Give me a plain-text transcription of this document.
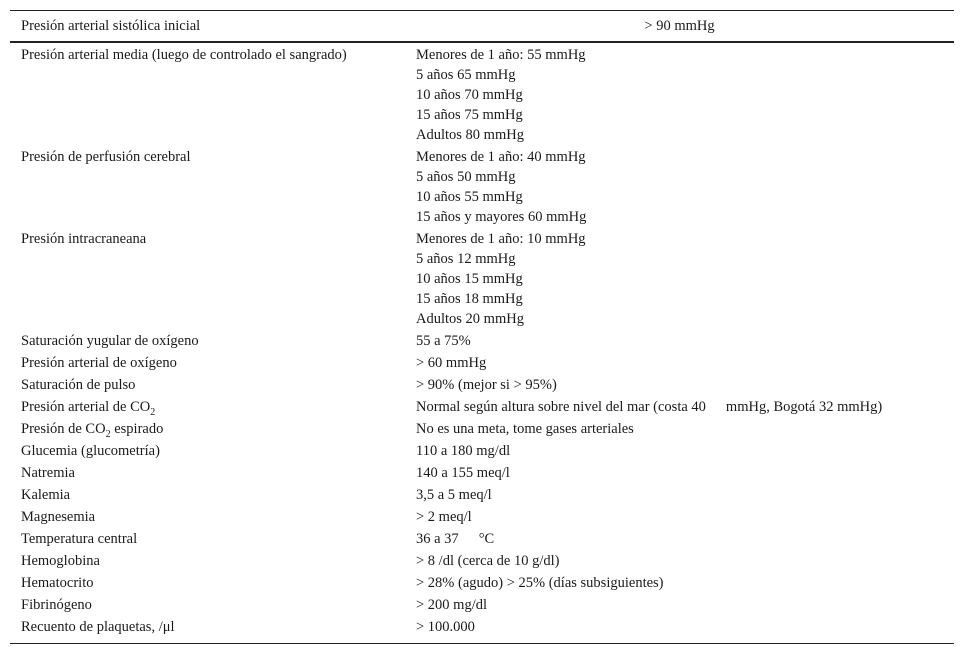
Presión arterial sistólica inicial	> 90 mmHg
Presión arterial media (luego de controlado el sangrado)	Menores de 1 año: 55 mmHg
5 años 65 mmHg
10 años 70 mmHg
15 años 75 mmHg
Adultos 80 mmHg

Presión de perfusión cerebral	Menores de 1 año: 40 mmHg
5 años 50 mmHg
10 años 55 mmHg
15 años y mayores 60 mmHg

Presión intracraneana	Menores de 1 año: 10 mmHg
5 años 12 mmHg
10 años 15 mmHg
15 años 18 mmHg
Adultos 20 mmHg

Saturación yugular de oxígeno	55 a 75%
Presión arterial de oxígeno	> 60 mmHg
Saturación de pulso	> 90% (mejor si > 95%)
Presión arterial de $CO_2$	Normal según altura sobre nivel del mar (costa 40 mmHg, Bogotá 32 mmHg)
Presión de $CO_2$ espirado	No es una meta, tome gases arteriales
Glucemia (glucometría)	110 a 180 mg/dl
Natremia	140 a 155 meq/l
Kalemia	3,5 a 5 meq/l
Magnesemia	> 2 meq/l
Temperatura central	36 a 37 °C
Hemoglobina	> 8 /dl (cerca de 10 g/dl)
Hematocrito	> 28% (agudo) > 25% (días subsiguientes)
Fibrinógeno	> 200 mg/dl
Recuento de plaquetas, /μl	> 100.000
